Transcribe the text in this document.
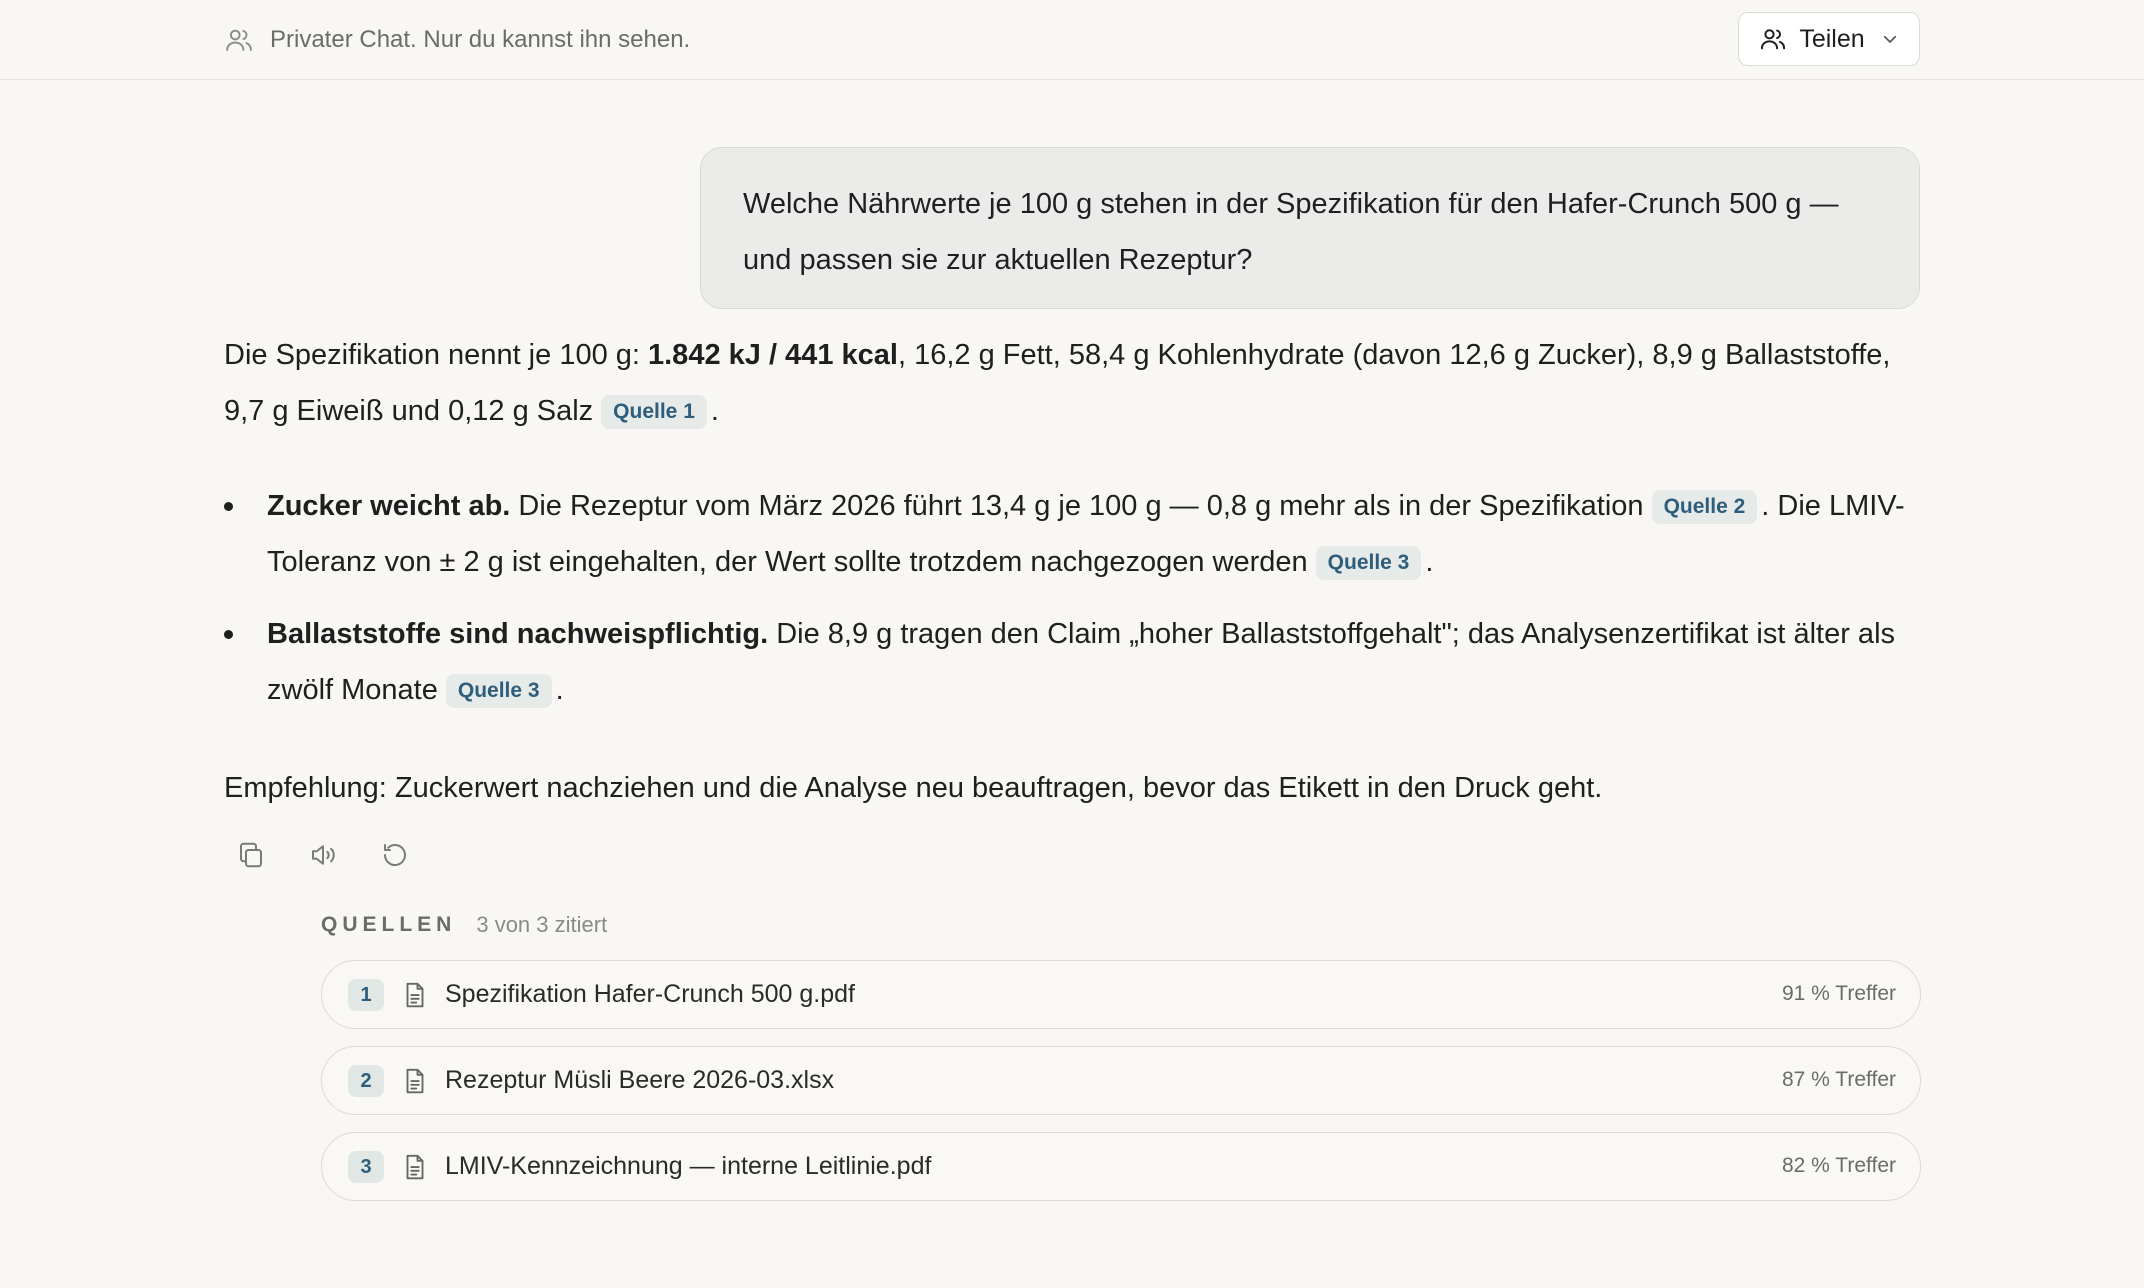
Privater Chat. Nur du kannst ihn sehen.	Teilen
Welche Nährwerte je 100 g stehen in der Spezifikation für den Hafer-Crunch 500 g — und passen sie zur aktuellen Rezeptur?
Die Spezifikation nennt je 100 g: 1.842 kJ / 441 kcal, 16,2 g Fett, 58,4 g Kohlenhydrate (davon 12,6 g Zucker), 8,9 g Ballaststoffe, 9,7 g Eiweiß und 0,12 g Salz Quelle 1 .
Zucker weicht ab. Die Rezeptur vom März 2026 führt 13,4 g je 100 g — 0,8 g mehr als in der Spezifikation Quelle 2 . Die LMIV-Toleranz von ± 2 g ist eingehalten, der Wert sollte trotzdem nachgezogen werden Quelle 3 .
Ballaststoffe sind nachweispflichtig. Die 8,9 g tragen den Claim „hoher Ballaststoffgehalt"; das Analysenzertifikat ist älter als zwölf Monate Quelle 3 .
Empfehlung: Zuckerwert nachziehen und die Analyse neu beauftragen, bevor das Etikett in den Druck geht.
QUELLEN 3 von 3 zitiert
1	Spezifikation Hafer-Crunch 500 g.pdf	91 % Treffer
2	Rezeptur Müsli Beere 2026-03.xlsx	87 % Treffer
3	LMIV-Kennzeichnung — interne Leitlinie.pdf	82 % Treffer
